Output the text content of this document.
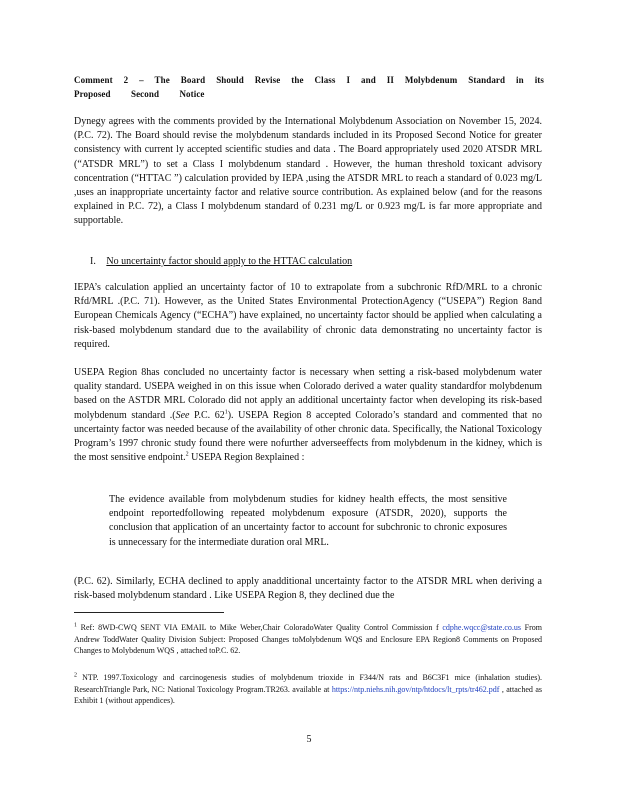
Comment 2 – The Board Should Revise the Class I and II Molybdenum Standard in its
Proposed Second Notice
Dynegy agrees with the comments provided by the International Molybdenum Association on November 15, 2024. (P.C. 72). The Board should revise the molybdenum standards included in its Proposed Second Notice for greater consistency with current ly accepted scientific studies and data . The Board appropriately used 2020 ATSDR MRL (“ATSDR MRL”) to set a Class I molybdenum standard . However, the human threshold toxicant advisory concentration (“HTTAC ”) calculation provided by IEPA ,using the ATSDR MRL to reach a standard of 0.023 mg/L ,uses an inappropriate uncertainty factor and relative source contribution. As explained below (and for the reasons explained in P.C. 72), a Class I molybdenum standard of 0.231 mg/L or 0.923 mg/L is far more appropriate and supportable.
I. No uncertainty factor should apply to the HTTAC calculation
IEPA’s calculation applied an uncertainty factor of 10 to extrapolate from a subchronic RfD/MRL to a chronic Rfd/MRL .(P.C. 71). However, as the United States Environmental ProtectionAgency (“USEPA”) Region 8and European Chemicals Agency (“ECHA”) have explained, no uncertainty factor should be applied when calculating a risk-based molybdenum standard due to the availability of chronic data demonstrating no uncertainty factor is required.
USEPA Region 8has concluded no uncertainty factor is necessary when setting a risk-based molybdenum water quality standard. USEPA weighed in on this issue when Colorado derived a water quality standardfor molybdenum based on the ASTDR MRL Colorado did not apply an additional uncertainty factor when developing its risk-based molybdenum standard .(See P.C. $62^1$). USEPA Region 8 accepted Colorado’s standard and commented that no uncertainty factor was needed because of the availability of other chronic data. Specifically, the National Toxicology Program’s 1997 chronic study found there were nofurther adverseeffects from molybdenum in the kidney, which is the most sensitive endpoint.$^2$ USEPA Region 8explained :
The evidence available from molybdenum studies for kidney health effects, the most sensitive endpoint reportedfollowing repeated molybdenum exposure (ATSDR, 2020), supports the conclusion that application of an uncertainty factor to account for subchronic to chronic exposures is unnecessary for the intermediate duration oral MRL.
(P.C. 62). Similarly, ECHA declined to apply anadditional uncertainty factor to the ATSDR MRL when deriving a risk-based molybdenum standard . Like USEPA Region 8, they declined due the
$^1$ Ref: 8WD-CWQ SENT VIA EMAIL to Mike Weber,Chair ColoradoWater Quality Control Commission f cdphe.wqcc@state.co.us From Andrew ToddWater Quality Division Subject: Proposed Changes toMolybdenum WQS and Enclosure EPA Region8 Comments on Proposed Changes to Molybdenum WQS , attached toP.C. 62.
$^2$ NTP. 1997.Toxicology and carcinogenesis studies of molybdenum trioxide in F344/N rats and B6C3F1 mice (inhalation studies). ResearchTriangle Park, NC: National Toxicology Program.TR263. available at https://ntp.niehs.nih.gov/ntp/htdocs/lt_rpts/tr462.pdf , attached as Exhibit 1 (without appendices).
5
